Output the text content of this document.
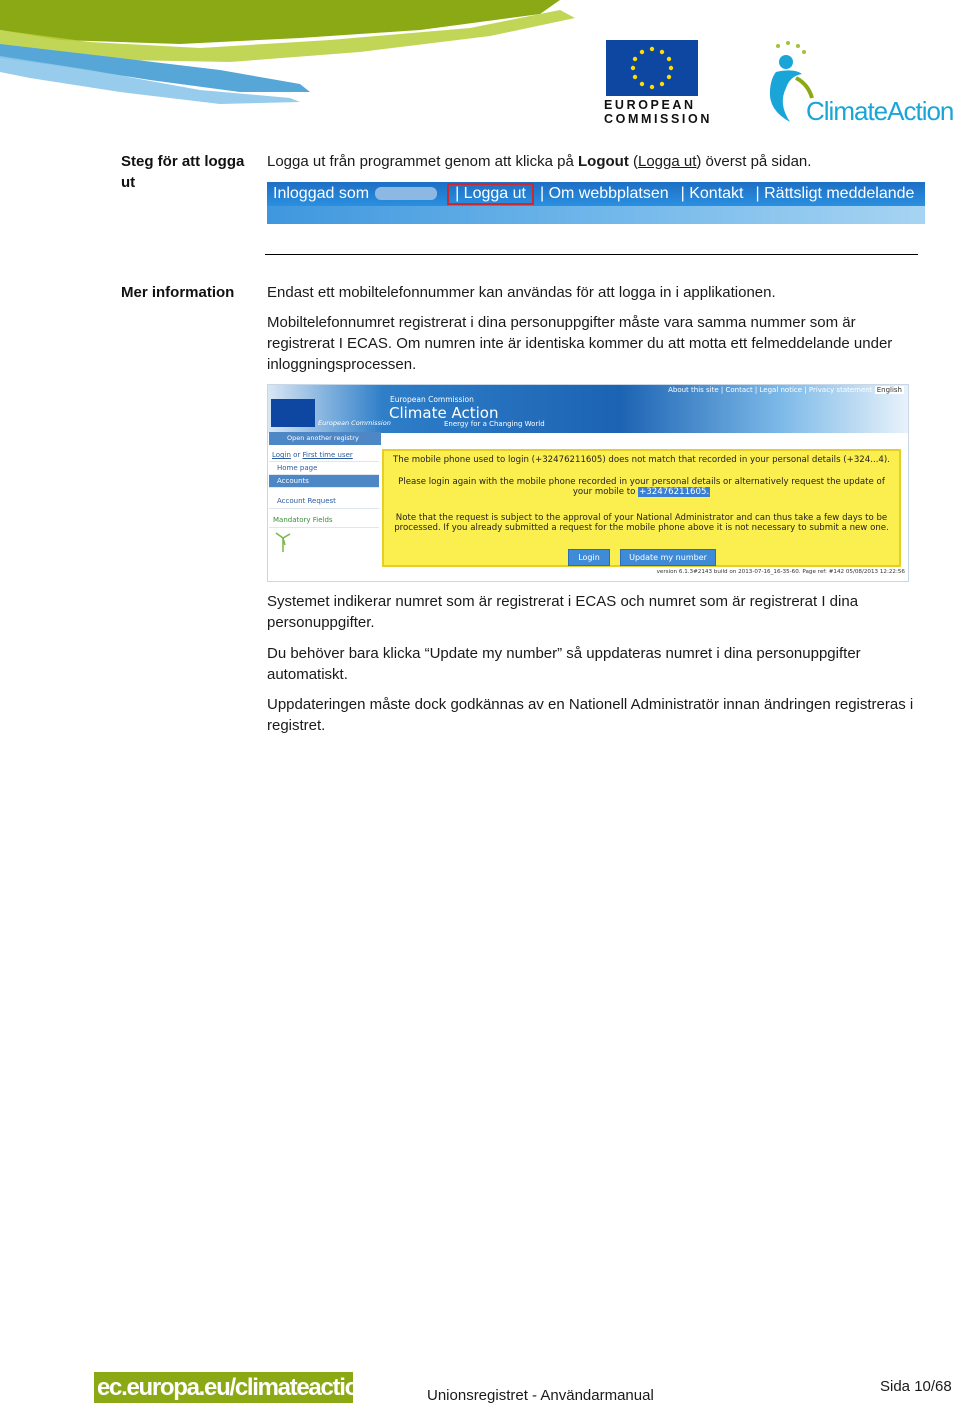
EUROPEAN
COMMISSION	ClimateAction
Steg för att logga ut
Logga ut från programmet genom att klicka på Logout (Logga ut) överst på sidan.
Inloggad som	| Logga ut | Om webbplatsen | Kontakt | Rättsligt meddelande
Mer information	Endast ett mobiltelefonnummer kan användas för att logga in i applikationen.
Mobiltelefonnumret registrerat i dina personuppgifter måste vara samma nummer som är registrerat I ECAS. Om numren inte är identiska kommer du att motta ett felmeddelande under inloggningsprocessen.
About this site | Contact | Legal notice | Privacy statement English
European Commission
European Commission
Climate Action
Energy for a Changing World
Open another registry
Login or First time user
Home page
Accounts
Account Request
Mandatory Fields

The mobile phone used to login (+32476211605) does not match that recorded in your personal details (+324...4).

Please login again with the mobile phone recorded in your personal details or alternatively request the update of your mobile to +32476211605.

Note that the request is subject to the approval of your National Administrator and can thus take a few days to be processed. If you already submitted a request for the mobile phone above it is not necessary to submit a new one.

Login	Update my number
version 6.1.3#2143 build on 2013-07-16_16-35-60. Page ref: #142 05/08/2013 12:22:56
Systemet indikerar numret som är registrerat i ECAS och numret som är registrerat I dina personuppgifter.
Du behöver bara klicka “Update my number” så uppdateras numret i dina personuppgifter automatiskt.
Uppdateringen måste dock godkännas av en Nationell Administratör innan ändringen registreras i registret.
ec.europa.eu/climateaction	Unionsregistret - Användarmanual
Sida 10/68
